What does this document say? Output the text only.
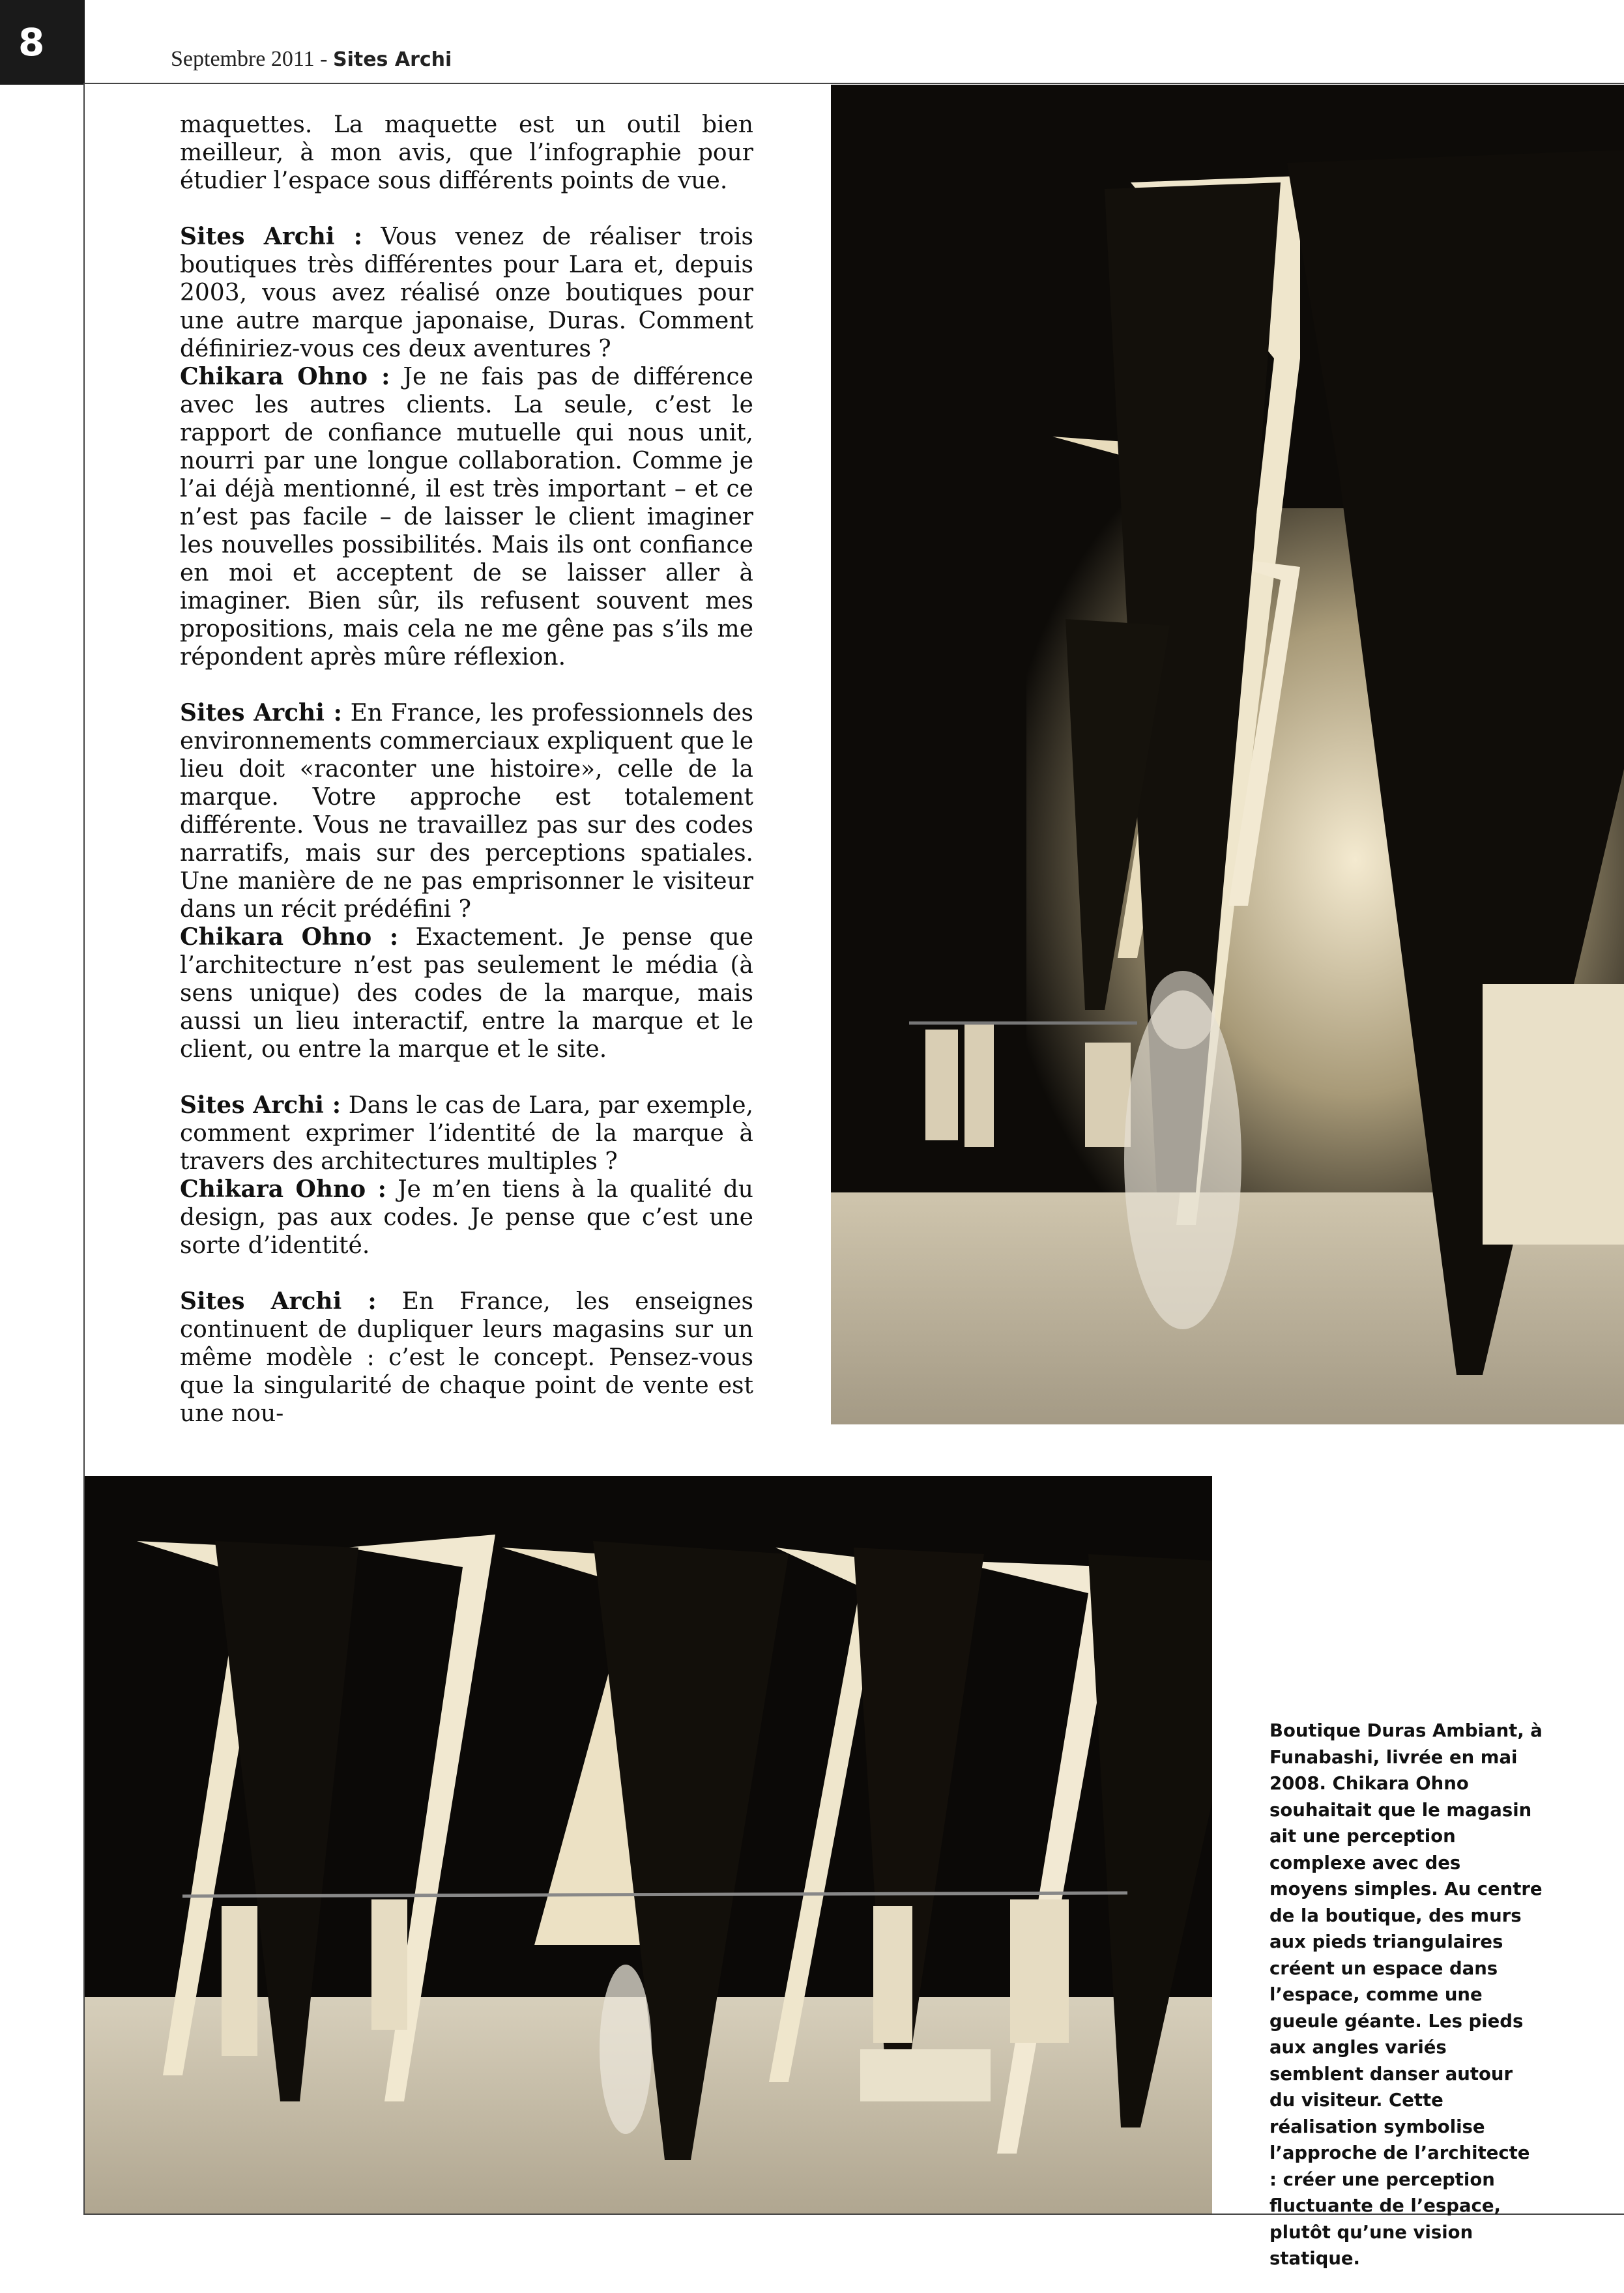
8	Septembre 2011 - Sites Archi

maquettes. La maquette est un outil bien meilleur, à mon avis, que l’infographie pour étudier l’espace sous différents points de vue.

Sites Archi : Vous venez de réaliser trois boutiques très différentes pour Lara et, depuis 2003, vous avez réalisé onze boutiques pour une autre marque japonaise, Duras. Comment définiriez-vous ces deux aventures ?

Chikara Ohno : Je ne fais pas de différence avec les autres clients. La seule, c’est le rapport de confiance mutuelle qui nous unit, nourri par une longue collaboration. Comme je l’ai déjà mentionné, il est très important – et ce n’est pas facile – de laisser le client imaginer les nouvelles possibilités. Mais ils ont confiance en moi et acceptent de se laisser aller à imaginer. Bien sûr, ils refusent souvent mes propositions, mais cela ne me gêne pas s’ils me répondent après mûre réflexion.

Sites Archi : En France, les professionnels des environnements commerciaux expliquent que le lieu doit «raconter une histoire», celle de la marque. Votre approche est totalement différente. Vous ne travaillez pas sur des codes narratifs, mais sur des perceptions spatiales. Une manière de ne pas emprisonner le visiteur dans un récit prédéfini ?

Chikara Ohno : Exactement. Je pense que l’architecture n’est pas seulement le média (à sens unique) des codes de la marque, mais aussi un lieu interactif, entre la marque et le client, ou entre la marque et le site.

Sites Archi : Dans le cas de Lara, par exemple, comment exprimer l’identité de la marque à travers des architectures multiples ?

Chikara Ohno : Je m’en tiens à la qualité du design, pas aux codes. Je pense que c’est une sorte d’identité.

Sites Archi : En France, les enseignes continuent de dupliquer leurs magasins sur un même modèle : c’est le concept. Pensez-vous que la singularité de chaque point de vente est une nou-

Boutique Duras Ambiant, à Funabashi, livrée en mai 2008. Chikara Ohno souhaitait que le magasin ait une perception complexe avec des moyens simples. Au centre de la boutique, des murs aux pieds triangulaires créent un espace dans l’espace, comme une gueule géante. Les pieds aux angles variés semblent danser autour du visiteur. Cette réalisation symbolise l’approche de l’architecte : créer une perception fluctuante de l’espace, plutôt qu’une vision statique.
